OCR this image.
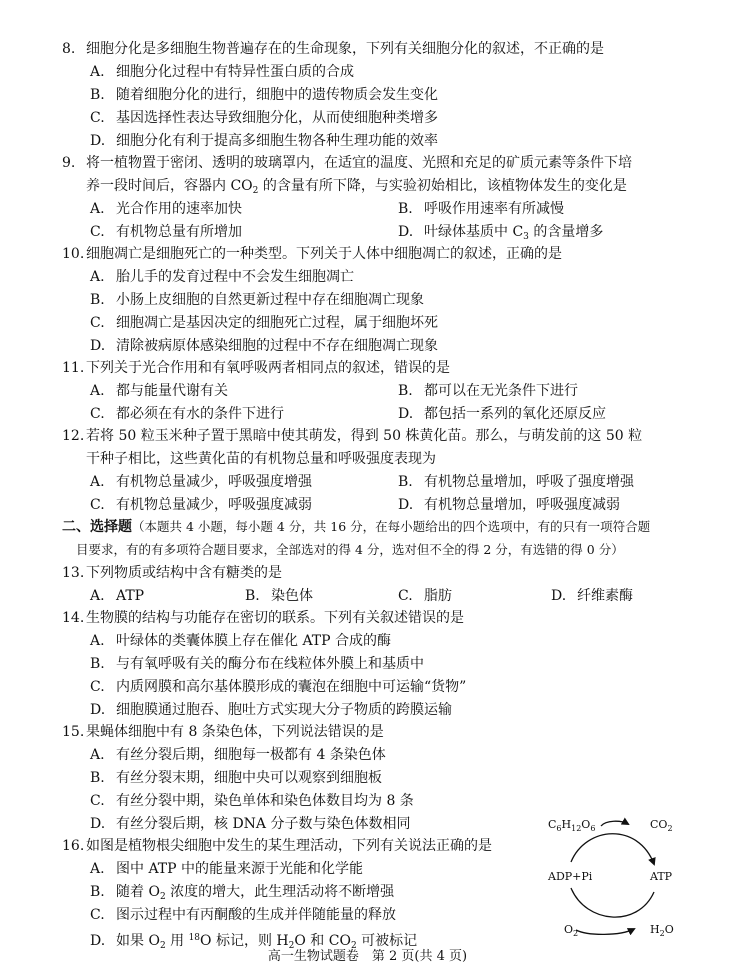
8. 细胞分化是多细胞生物普遍存在的生命现象，下列有关细胞分化的叙述，不正确的是
A. 细胞分化过程中有特异性蛋白质的合成
B. 随着细胞分化的进行，细胞中的遗传物质会发生变化
C. 基因选择性表达导致细胞分化，从而使细胞种类增多
D. 细胞分化有利于提高多细胞生物各种生理功能的效率
9. 将一植物置于密闭、透明的玻璃罩内，在适宜的温度、光照和充足的矿质元素等条件下培
养一段时间后，容器内 $CO_2$ 的含量有所下降，与实验初始相比，该植物体发生的变化是
A. 光合作用的速率加快	B. 呼吸作用速率有所减慢
C. 有机物总量有所增加	D. 叶绿体基质中 $C_3$ 的含量增多
10. 细胞凋亡是细胞死亡的一种类型。下列关于人体中细胞凋亡的叙述，正确的是
A. 胎儿手的发育过程中不会发生细胞凋亡
B. 小肠上皮细胞的自然更新过程中存在细胞凋亡现象
C. 细胞凋亡是基因决定的细胞死亡过程，属于细胞坏死
D. 清除被病原体感染细胞的过程中不存在细胞凋亡现象
11. 下列关于光合作用和有氧呼吸两者相同点的叙述，错误的是
A. 都与能量代谢有关	B. 都可以在无光条件下进行
C. 都必须在有水的条件下进行	D. 都包括一系列的氧化还原反应
12. 若将 50 粒玉米种子置于黑暗中使其萌发，得到 50 株黄化苗。那么，与萌发前的这 50 粒
干种子相比，这些黄化苗的有机物总量和呼吸强度表现为
A. 有机物总量减少，呼吸强度增强	B. 有机物总量增加，呼吸了强度增强
C. 有机物总量减少，呼吸强度减弱	D. 有机物总量增加，呼吸强度减弱
二、选择题（本题共 4 小题，每小题 4 分，共 16 分，在每小题给出的四个选项中，有的只有一项符合题
目要求，有的有多项符合题目要求，全部选对的得 4 分，选对但不全的得 2 分，有选错的得 0 分）
13. 下列物质或结构中含有糖类的是
A. ATP	B. 染色体	C. 脂肪	D. 纤维素酶
14. 生物膜的结构与功能存在密切的联系。下列有关叙述错误的是
A. 叶绿体的类囊体膜上存在催化 ATP 合成的酶
B. 与有氧呼吸有关的酶分布在线粒体外膜上和基质中
C. 内质网膜和高尔基体膜形成的囊泡在细胞中可运输“货物”
D. 细胞膜通过胞吞、胞吐方式实现大分子物质的跨膜运输
15. 果蝇体细胞中有 8 条染色体，下列说法错误的是
A. 有丝分裂后期，细胞每一极都有 4 条染色体
B. 有丝分裂末期，细胞中央可以观察到细胞板
C. 有丝分裂中期，染色单体和染色体数目均为 8 条
D. 有丝分裂后期，核 DNA 分子数与染色体数相同
16. 如图是植物根尖细胞中发生的某生理活动，下列有关说法正确的是
A. 图中 ATP 中的能量来源于光能和化学能
B. 随着 $O_2$ 浓度的增大，此生理活动将不断增强
C. 图示过程中有丙酮酸的生成并伴随能量的释放
D. 如果 $O_2$ 用 $^{18}$O 标记，则 $H_2O$ 和 $CO_2$ 可被标记
$C_6H_{12}O_6$	$CO_2$
ADP+Pi	ATP
$O_2$	$H_2O$
高一生物试题卷　第 2 页(共 4 页)
